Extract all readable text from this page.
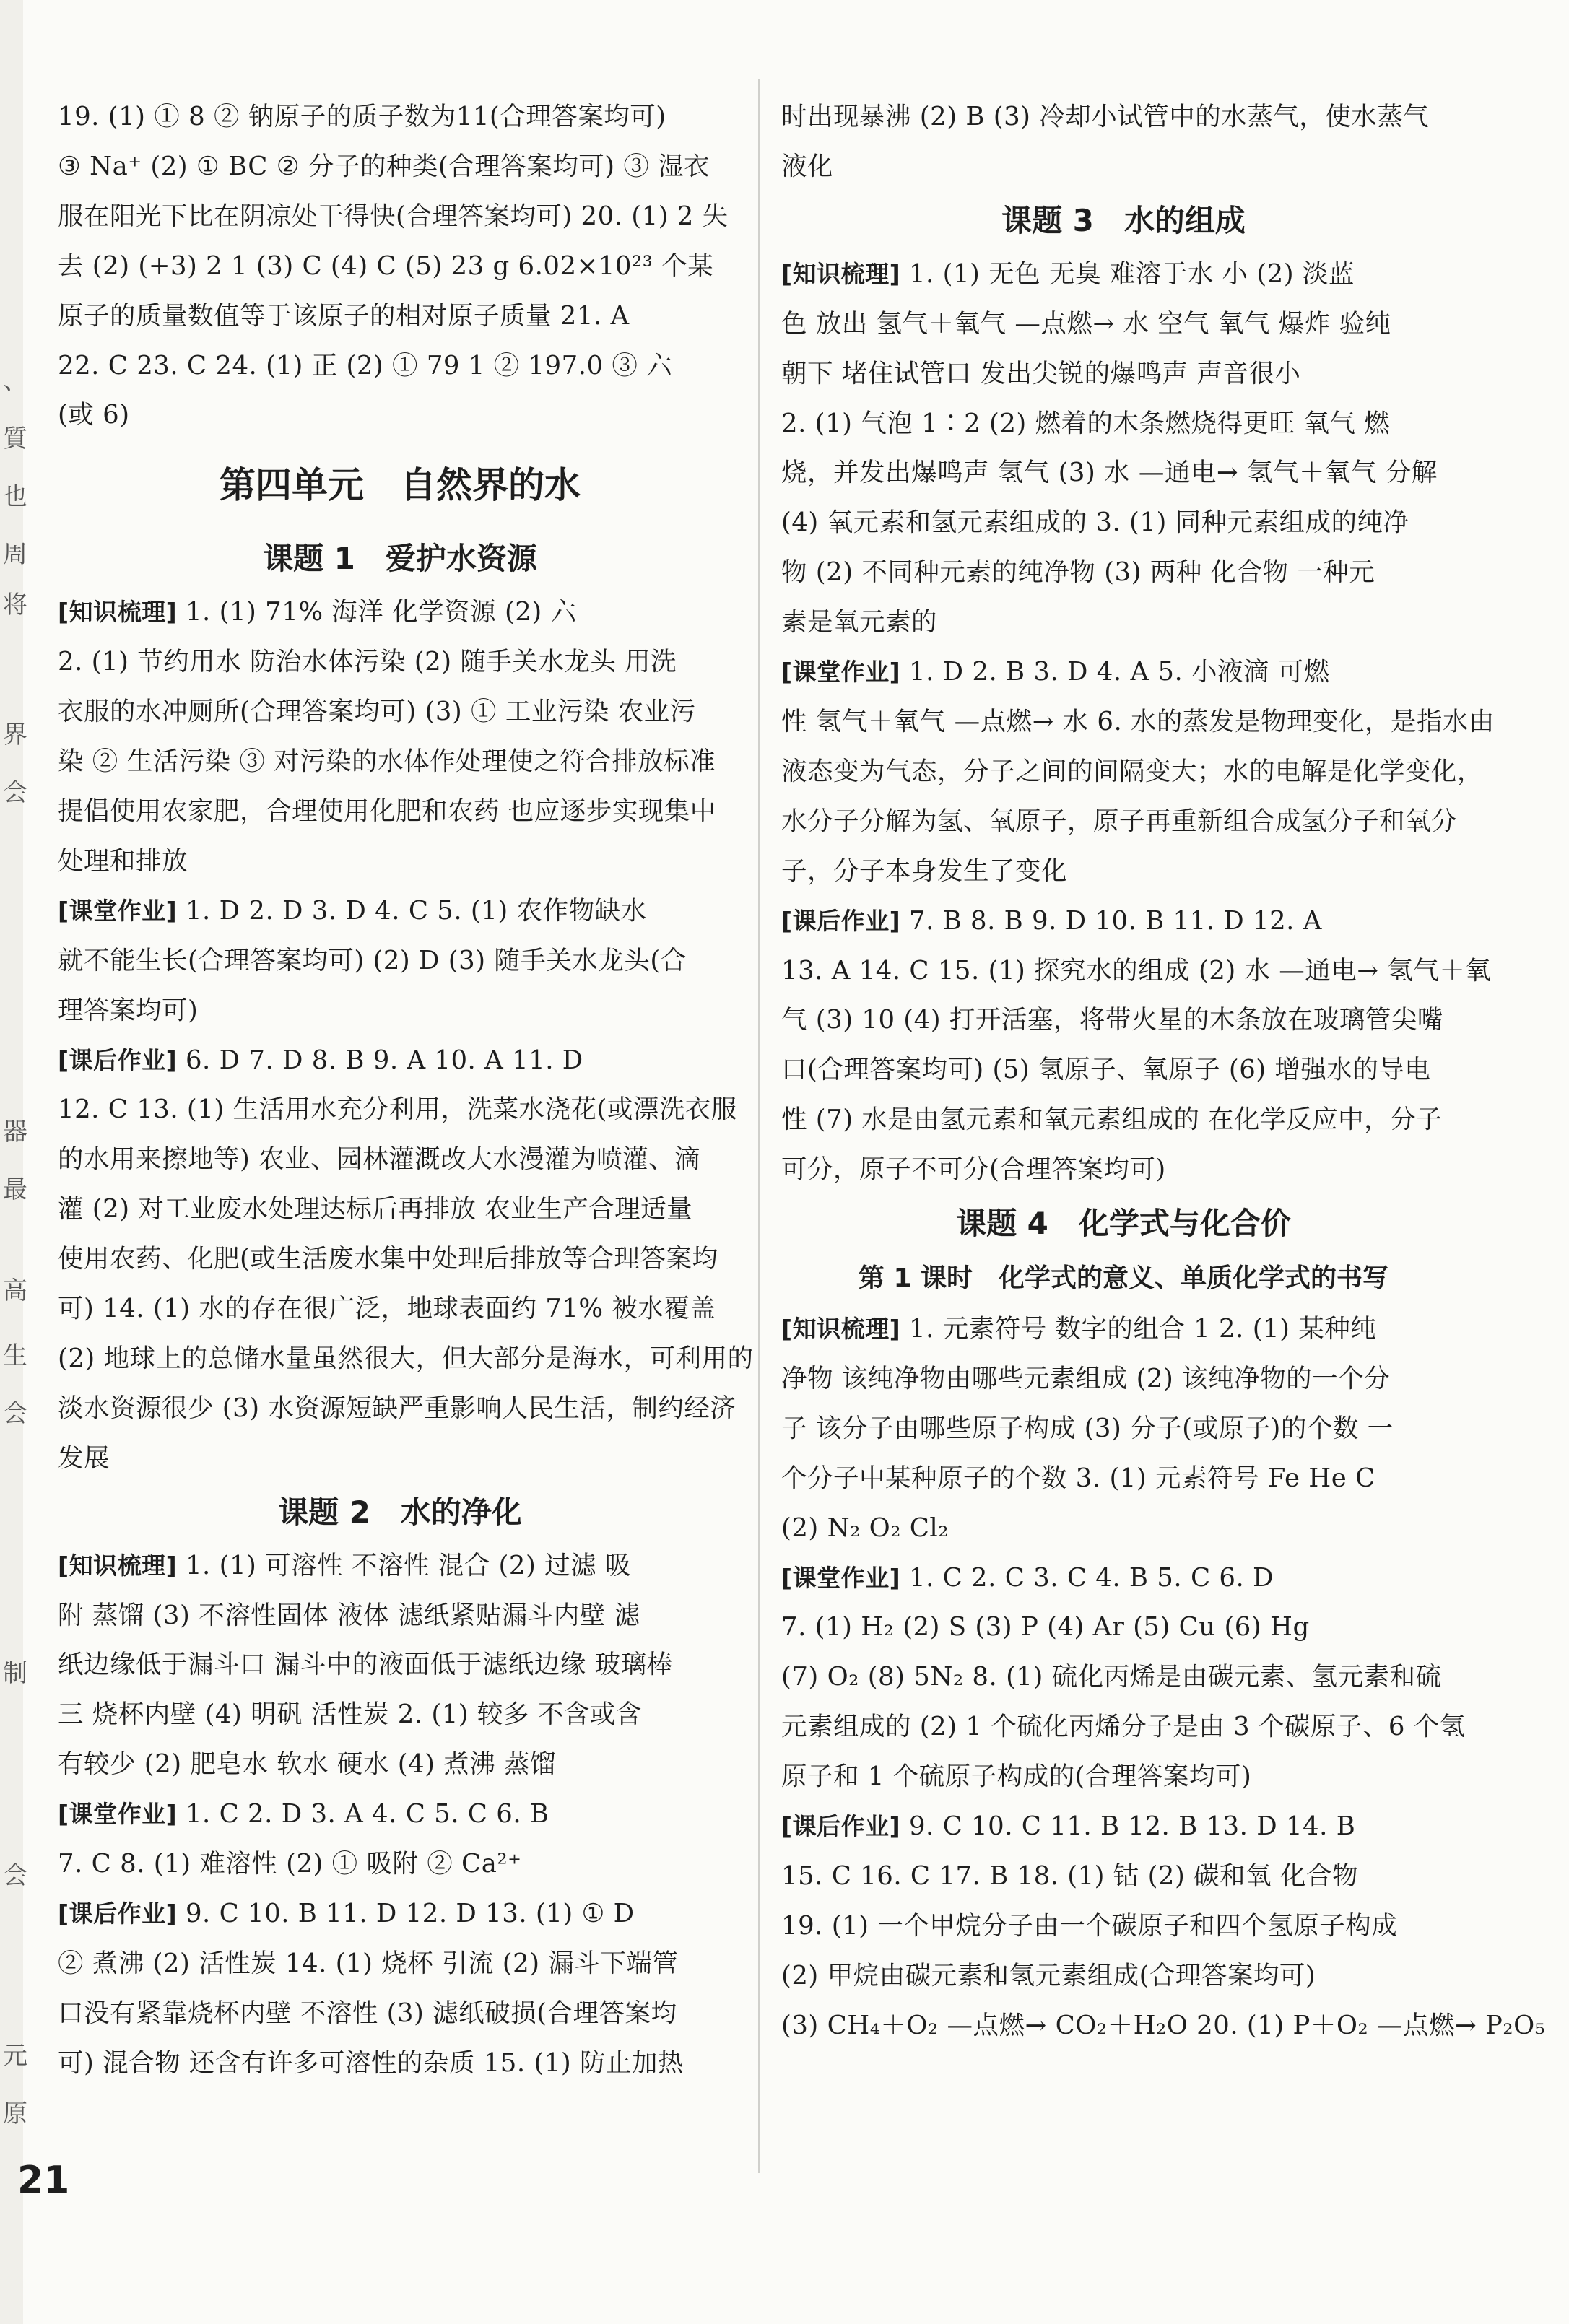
、
質
也
周
将
界
会
器
最
高
生
会
制
会
元
原
19. (1) ① 8 ② 钠原子的质子数为11(合理答案均可)
③ Na⁺ (2) ① BC ② 分子的种类(合理答案均可) ③ 湿衣
服在阳光下比在阴凉处干得快(合理答案均可) 20. (1) 2 失
去 (2) (+3) 2 1 (3) C (4) C (5) 23 g 6.02×10²³ 个某
原子的质量数值等于该原子的相对原子质量 21. A
22. C 23. C 24. (1) 正 (2) ① 79 1 ② 197.0 ③ 六
(或 6)
第四单元　自然界的水
课题 1　爱护水资源
[知识梳理] 1. (1) 71% 海洋 化学资源 (2) 六
2. (1) 节约用水 防治水体污染 (2) 随手关水龙头 用洗
衣服的水冲厕所(合理答案均可) (3) ① 工业污染 农业污
染 ② 生活污染 ③ 对污染的水体作处理使之符合排放标准
提倡使用农家肥，合理使用化肥和农药 也应逐步实现集中
处理和排放
[课堂作业] 1. D 2. D 3. D 4. C 5. (1) 农作物缺水
就不能生长(合理答案均可) (2) D (3) 随手关水龙头(合
理答案均可)
[课后作业] 6. D 7. D 8. B 9. A 10. A 11. D
12. C 13. (1) 生活用水充分利用，洗菜水浇花(或漂洗衣服
的水用来擦地等) 农业、园林灌溉改大水漫灌为喷灌、滴
灌 (2) 对工业废水处理达标后再排放 农业生产合理适量
使用农药、化肥(或生活废水集中处理后排放等合理答案均
可) 14. (1) 水的存在很广泛，地球表面约 71% 被水覆盖
(2) 地球上的总储水量虽然很大，但大部分是海水，可利用的
淡水资源很少 (3) 水资源短缺严重影响人民生活，制约经济
发展
课题 2　水的净化
[知识梳理] 1. (1) 可溶性 不溶性 混合 (2) 过滤 吸
附 蒸馏 (3) 不溶性固体 液体 滤纸紧贴漏斗内壁 滤
纸边缘低于漏斗口 漏斗中的液面低于滤纸边缘 玻璃棒
三 烧杯内壁 (4) 明矾 活性炭 2. (1) 较多 不含或含
有较少 (2) 肥皂水 软水 硬水 (4) 煮沸 蒸馏
[课堂作业] 1. C 2. D 3. A 4. C 5. C 6. B
7. C 8. (1) 难溶性 (2) ① 吸附 ② Ca²⁺
[课后作业] 9. C 10. B 11. D 12. D 13. (1) ① D
② 煮沸 (2) 活性炭 14. (1) 烧杯 引流 (2) 漏斗下端管
口没有紧靠烧杯内壁 不溶性 (3) 滤纸破损(合理答案均
可) 混合物 还含有许多可溶性的杂质 15. (1) 防止加热
时出现暴沸 (2) B (3) 冷却小试管中的水蒸气，使水蒸气
液化
课题 3　水的组成
[知识梳理] 1. (1) 无色 无臭 难溶于水 小 (2) 淡蓝
色 放出 氢气＋氧气 —点燃→ 水 空气 氧气 爆炸 验纯
朝下 堵住试管口 发出尖锐的爆鸣声 声音很小
2. (1) 气泡 1∶2 (2) 燃着的木条燃烧得更旺 氧气 燃
烧，并发出爆鸣声 氢气 (3) 水 —通电→ 氢气＋氧气 分解
(4) 氧元素和氢元素组成的 3. (1) 同种元素组成的纯净
物 (2) 不同种元素的纯净物 (3) 两种 化合物 一种元
素是氧元素的
[课堂作业] 1. D 2. B 3. D 4. A 5. 小液滴 可燃
性 氢气＋氧气 —点燃→ 水 6. 水的蒸发是物理变化，是指水由
液态变为气态，分子之间的间隔变大；水的电解是化学变化，
水分子分解为氢、氧原子，原子再重新组合成氢分子和氧分
子，分子本身发生了变化
[课后作业] 7. B 8. B 9. D 10. B 11. D 12. A
13. A 14. C 15. (1) 探究水的组成 (2) 水 —通电→ 氢气＋氧
气 (3) 10 (4) 打开活塞，将带火星的木条放在玻璃管尖嘴
口(合理答案均可) (5) 氢原子、氧原子 (6) 增强水的导电
性 (7) 水是由氢元素和氧元素组成的 在化学反应中，分子
可分，原子不可分(合理答案均可)
课题 4　化学式与化合价
第 1 课时　化学式的意义、单质化学式的书写
[知识梳理] 1. 元素符号 数字的组合 1 2. (1) 某种纯
净物 该纯净物由哪些元素组成 (2) 该纯净物的一个分
子 该分子由哪些原子构成 (3) 分子(或原子)的个数 一
个分子中某种原子的个数 3. (1) 元素符号 Fe He C
(2) N₂ O₂ Cl₂
[课堂作业] 1. C 2. C 3. C 4. B 5. C 6. D
7. (1) H₂ (2) S (3) P (4) Ar (5) Cu (6) Hg
(7) O₂ (8) 5N₂ 8. (1) 硫化丙烯是由碳元素、氢元素和硫
元素组成的 (2) 1 个硫化丙烯分子是由 3 个碳原子、6 个氢
原子和 1 个硫原子构成的(合理答案均可)
[课后作业] 9. C 10. C 11. B 12. B 13. D 14. B
15. C 16. C 17. B 18. (1) 钴 (2) 碳和氧 化合物
19. (1) 一个甲烷分子由一个碳原子和四个氢原子构成
(2) 甲烷由碳元素和氢元素组成(合理答案均可)
(3) CH₄＋O₂ —点燃→ CO₂＋H₂O 20. (1) P＋O₂ —点燃→ P₂O₅
21
